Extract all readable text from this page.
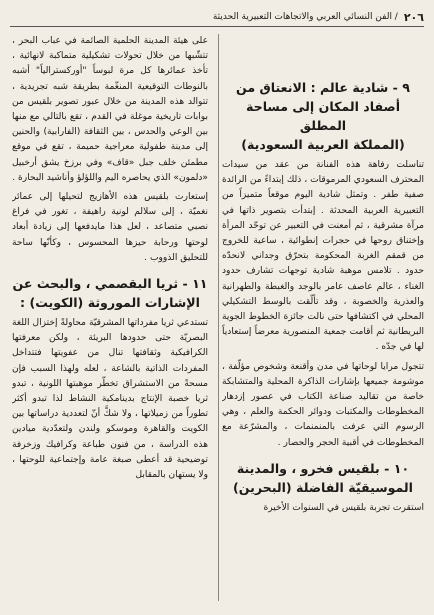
٢٠٦
/ الفن النسائي العربي والاتجاهات التعبيرية الحديثة
٩ - شادية عالم : الانعتاق من
أصفاد المكان إلى مساحة المطلق
(المملكة العربية السعودية)

تناسلت رفاهة هذه الفنانة من عقد من سيدات المحترف السعودي المرموقات ، ذلك إبتداءً من الرائدة صفية طفر . وتمثل شادية اليوم موقعاً متميزاً من التعبيرية العربية المحدثة . إبتدأت بتصوير ذاتها في مرآة مشرقية ، ثم أمعنت في التعبير عن توحّد المرأة وإختناق روحها في حجرات إنطوائية ، ساعية للخروج من قمقم الغربة المحكومة بتحرّق وجداني لانحدّه حدود . تلامس موهبة شادية توجهات تشارف حدود الغناء ، عالم عاصف عامر بالوجد والغبطة والطهرانية والعذرية والخصوبة ، وقد تألّقت بالوسط التشكيلي المحلي في اكتشافها حتى نالت جائزة الخطوط الجوية البريطانية ثم أقامت جمعية المنصورية معرضاً إستعادياً لها في جدّه .

تتجول مرايا لوحاتها في مدن وأقنعة وشخوص مؤلّفة ، موشومة جميعها بإشارات الذاكرة المحلية والمتشابكة خاصة من تقاليد صناعة الكتاب في عصور إزدهار المخطوطات والمكتبات ودوائر الحكمة والعلم ، وهي الرسوم التي عرفت بالمنمنمات ، والمشرّعة مع المخطوطات في أقبية الحجر والحصار .

١٠ - بلقيس فخرو ، والمدينة
الموسيقيّة الفاضلة (البحرين)

استقرت تجربة بلقيس في السنوات الأخيرة

على هيئة المدينة الحلمية الصائمة في عباب البحر ، تتشّبها من خلال تحولات تشكيلية متماكبة لانهائية ، تأخذ عمائرها كل مرة لبوساً "أوركسترالياً" أشبه بالنوطات التوقيعية المنغّمة بطريقة شبه تجريدية ، تتوالد هذه المدينة من خلال عبور تصوير بلقيس من بوابات تاريخية موغلة في القدم ، تقع بالتالي مع منها بين الوعي والحدس ، بين الثقافة (الفارابية) والحنين إلى مدينة طفولية معراجية حميمة ، تقع في موقع مطمئن خلف جبل «قاف» وفي برزخ يشق أرخبيل «دلمون» الذي يحاصره اليم واللؤلؤ وأناشيد البحارة .

إستعارت بلقيس هذه الأهازيج لتحيلها إلى عمائر نغميّة ، إلى سلالم لونية راهيفة ، تغور في فراغ نصبي متصاعد ، لعل هذا مايدفعها إلى زيادة أبعاد لوحتها ورحابة حيزها المحسوس ، وكأنّها ساحة للتحليق الذووب .

١١ - ثريا البقصمي ، والبحث عن
الإشارات الموروثة (الكويت) :

تستدعي ثريا مفرداتها المشرقيّة محاولةً إختزال اللغة البصريّة حتى حدودها البريئة ، ولكن معرفتها الكرافيكية وثقافتها تنال من عفويتها فتتداخل المفردات الذاتية بالشاعة ، لعله ولهذا السبب فإن مسحةً من الاستشراق تخطّر موهبتها اللونية ، تبدو ثريا خصبة الإنتاج بدينامكية النشاط لذا تبدو أكثر تطوراً من زميلاتها ، ولا شكَّ أنّ لتعددية دراساتها بين الكويت والقاهرة وموسكو ولندن ولتعدّدية ميادين هذه الدراسة ، من فنون طباعة وكرافيك وزخرفة توضيحية قد أعطى صبغة عامة وإجتماعية للوحتها ، ولا يستهان بالمقابل
